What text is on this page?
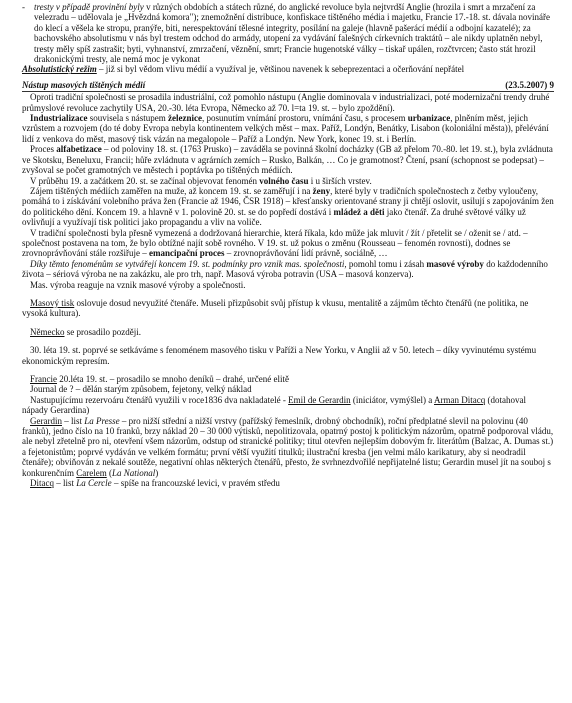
- tresty v případě provinění byly v různých obdobích a státech různé, do anglické revoluce byla nejtvrdší Anglie (hrozila i smrt a mrzačení za velezradu – udělovala je „Hvězdná komora"); znemožnění distribuce, konfiskace tištěného média i majetku, Francie 17.-18. st. dávala novináře do klecí a věšela ke stropu, pranýře, biti, nerespektování tělesné integrity, posílání na galeje (hlavně pašerácí médií a odbojní kazatelé); za bachovského absolutismu v nás byl trestem odchod do armády, utopení za vydávání falešných církevních traktátů – ale nikdy uplatněn nebyl, tresty měly spíš zastrašit; byti, vyhnanství, zmrzačení, věznění, smrt; Francie hugenotské války – tiskař upálen, rozčtvrcen; často stát hrozil drakonickými tresty, ale nemá moc je vykonat

Absolutistický režim – již si byl vědom vlivu médií a využíval je, většinou navenek k sebeprezentaci a očerňování nepřátel

Nástup masových tištěných médií	(23.5.2007) 9

Oproti tradiční společnosti se prosadila industriální, což pomohlo nástupu (Anglie dominovala v industrializaci, poté modernizační trendy druhé průmyslové revoluce zachytily USA, 20.-30. léta Evropa, Německo až 70. l=ta 19. st. – bylo zpoždění).

Industrializace souvisela s nástupem železnice, posunutím vnímání prostoru, vnímání času, s procesem urbanizace, plněním měst, jejich vzrůstem a rozvojem (do té doby Evropa nebyla kontinentem velkých měst – max. Paříž, Londýn, Benátky, Lisabon (koloniální města)), přelévání lidí z venkova do měst, masový tisk vázán na megalopole – Paříž a Londýn. New York, konec 19. st. i Berlín.

Proces alfabetizace – od poloviny 18. st. (1763 Prusko) – zaváděla se povinná školní docházky (GB až přelom 70.-80. let 19. st.), byla zvládnuta ve Skotsku, Beneluxu, Francii; hůře zvládnuta v agrárních zemích – Rusko, Balkán, … Co je gramotnost? Čtení, psaní (schopnost se podepsat) – zvyšoval se počet gramotných ve městech i poptávka po tištěných médiích.

V průběhu 19. a začátkem 20. st. se začínal objevovat fenomén volného času i u širších vrstev.

Zájem tištěných médiích zaměřen na muže, až koncem 19. st. se zaměřují i na ženy, které byly v tradičních společnostech z četby vyloučeny, pomáhá to i získávání volebního práva žen (Francie až 1946, ČSR 1918) – křesťansky orientované strany ji chtějí oslovit, usilují s zapojováním žen do politického dění. Koncem 19. a hlavně v 1. polovině 20. st. se do popředí dostává i mládež a děti jako čtenář. Za druhé světové války už ovlivňují a využívají tisk politici jako propagandu a vliv na voliče.

V tradiční společnosti byla přesně vymezená a dodržovaná hierarchie, která říkala, kdo může jak mluvit / žít / přetelit se / oženit se / atd. – společnost postavena na tom, že bylo obtížné najít sobě rovného. V 19. st. už pokus o změnu (Rousseau – fenomén rovnosti), dodnes se zrovnoprávňování stále rozšiřuje – emancipační proces – zrovnoprávňování lidí právně, sociálně, …

Díky těmto fenoménům se vytvářejí koncem 19. st. podmínky pro vznik mas. společnosti, pomohl tomu i zásah masové výroby do každodenního života – sériová výroba ne na zakázku, ale pro trh, např. Masová výroba potravin (USA – masová konzerva).

Mas. výroba reaguje na vznik masové výroby a společnosti.

Masový tisk oslovuje dosud nevyužité čtenáře. Museli přizpůsobit svůj přístup k vkusu, mentalitě a zájmům těchto čtenářů (ne politika, ne vysoká kultura).

Německo se prosadilo později.

30. léta 19. st. poprvé se setkáváme s fenoménem masového tisku v Paříži a New Yorku, v Anglii až v 50. letech – díky vyvinutému systému ekonomickým represím.

Francie 20.léta 19. st. – prosadilo se mnoho deníků – drahé, určené elitě

Journal de ? – dělán starým způsobem, fejetony, velký náklad

Nastupujícímu rezervoáru čtenářů využili v roce1836 dva nakladatelé - Emil de Gerardin (iniciátor, vymýšlel) a Arman Ditacq (dotahoval nápady Gerardina)

Gerardin – list La Presse – pro nižší střední a nižší vrstvy (pařížský řemeslník, drobný obchodník), roční předplatné slevil na polovinu (40 franků), jedno číslo na 10 franků, brzy náklad 20 – 30 000 výtisků, nepolitizovala, opatrný postoj k politickým názorům, opatrně podporoval vládu, ale nebyl zřetelně pro ni, otevření všem názorům, odstup od stranické politiky; titul otevřen nejlepším dobovým fr. literátům (Balzac, A. Dumas st.) a fejetonistům; poprvé vydáván ve velkém formátu; první větší využití titulků; ilustrační kresba (jen velmi málo karikatury, aby si neodradil čtenáře); obviňován z nekalé soutěže, negativní ohlas některých čtenářů, přesto, že svrhnezdvořilé nepřijatelné listu; Gerardin musel jít na souboj s konkurenčním Carelem (La National)

Ditacq – list La Cercle – spíše na francouzské levici, v pravém středu
